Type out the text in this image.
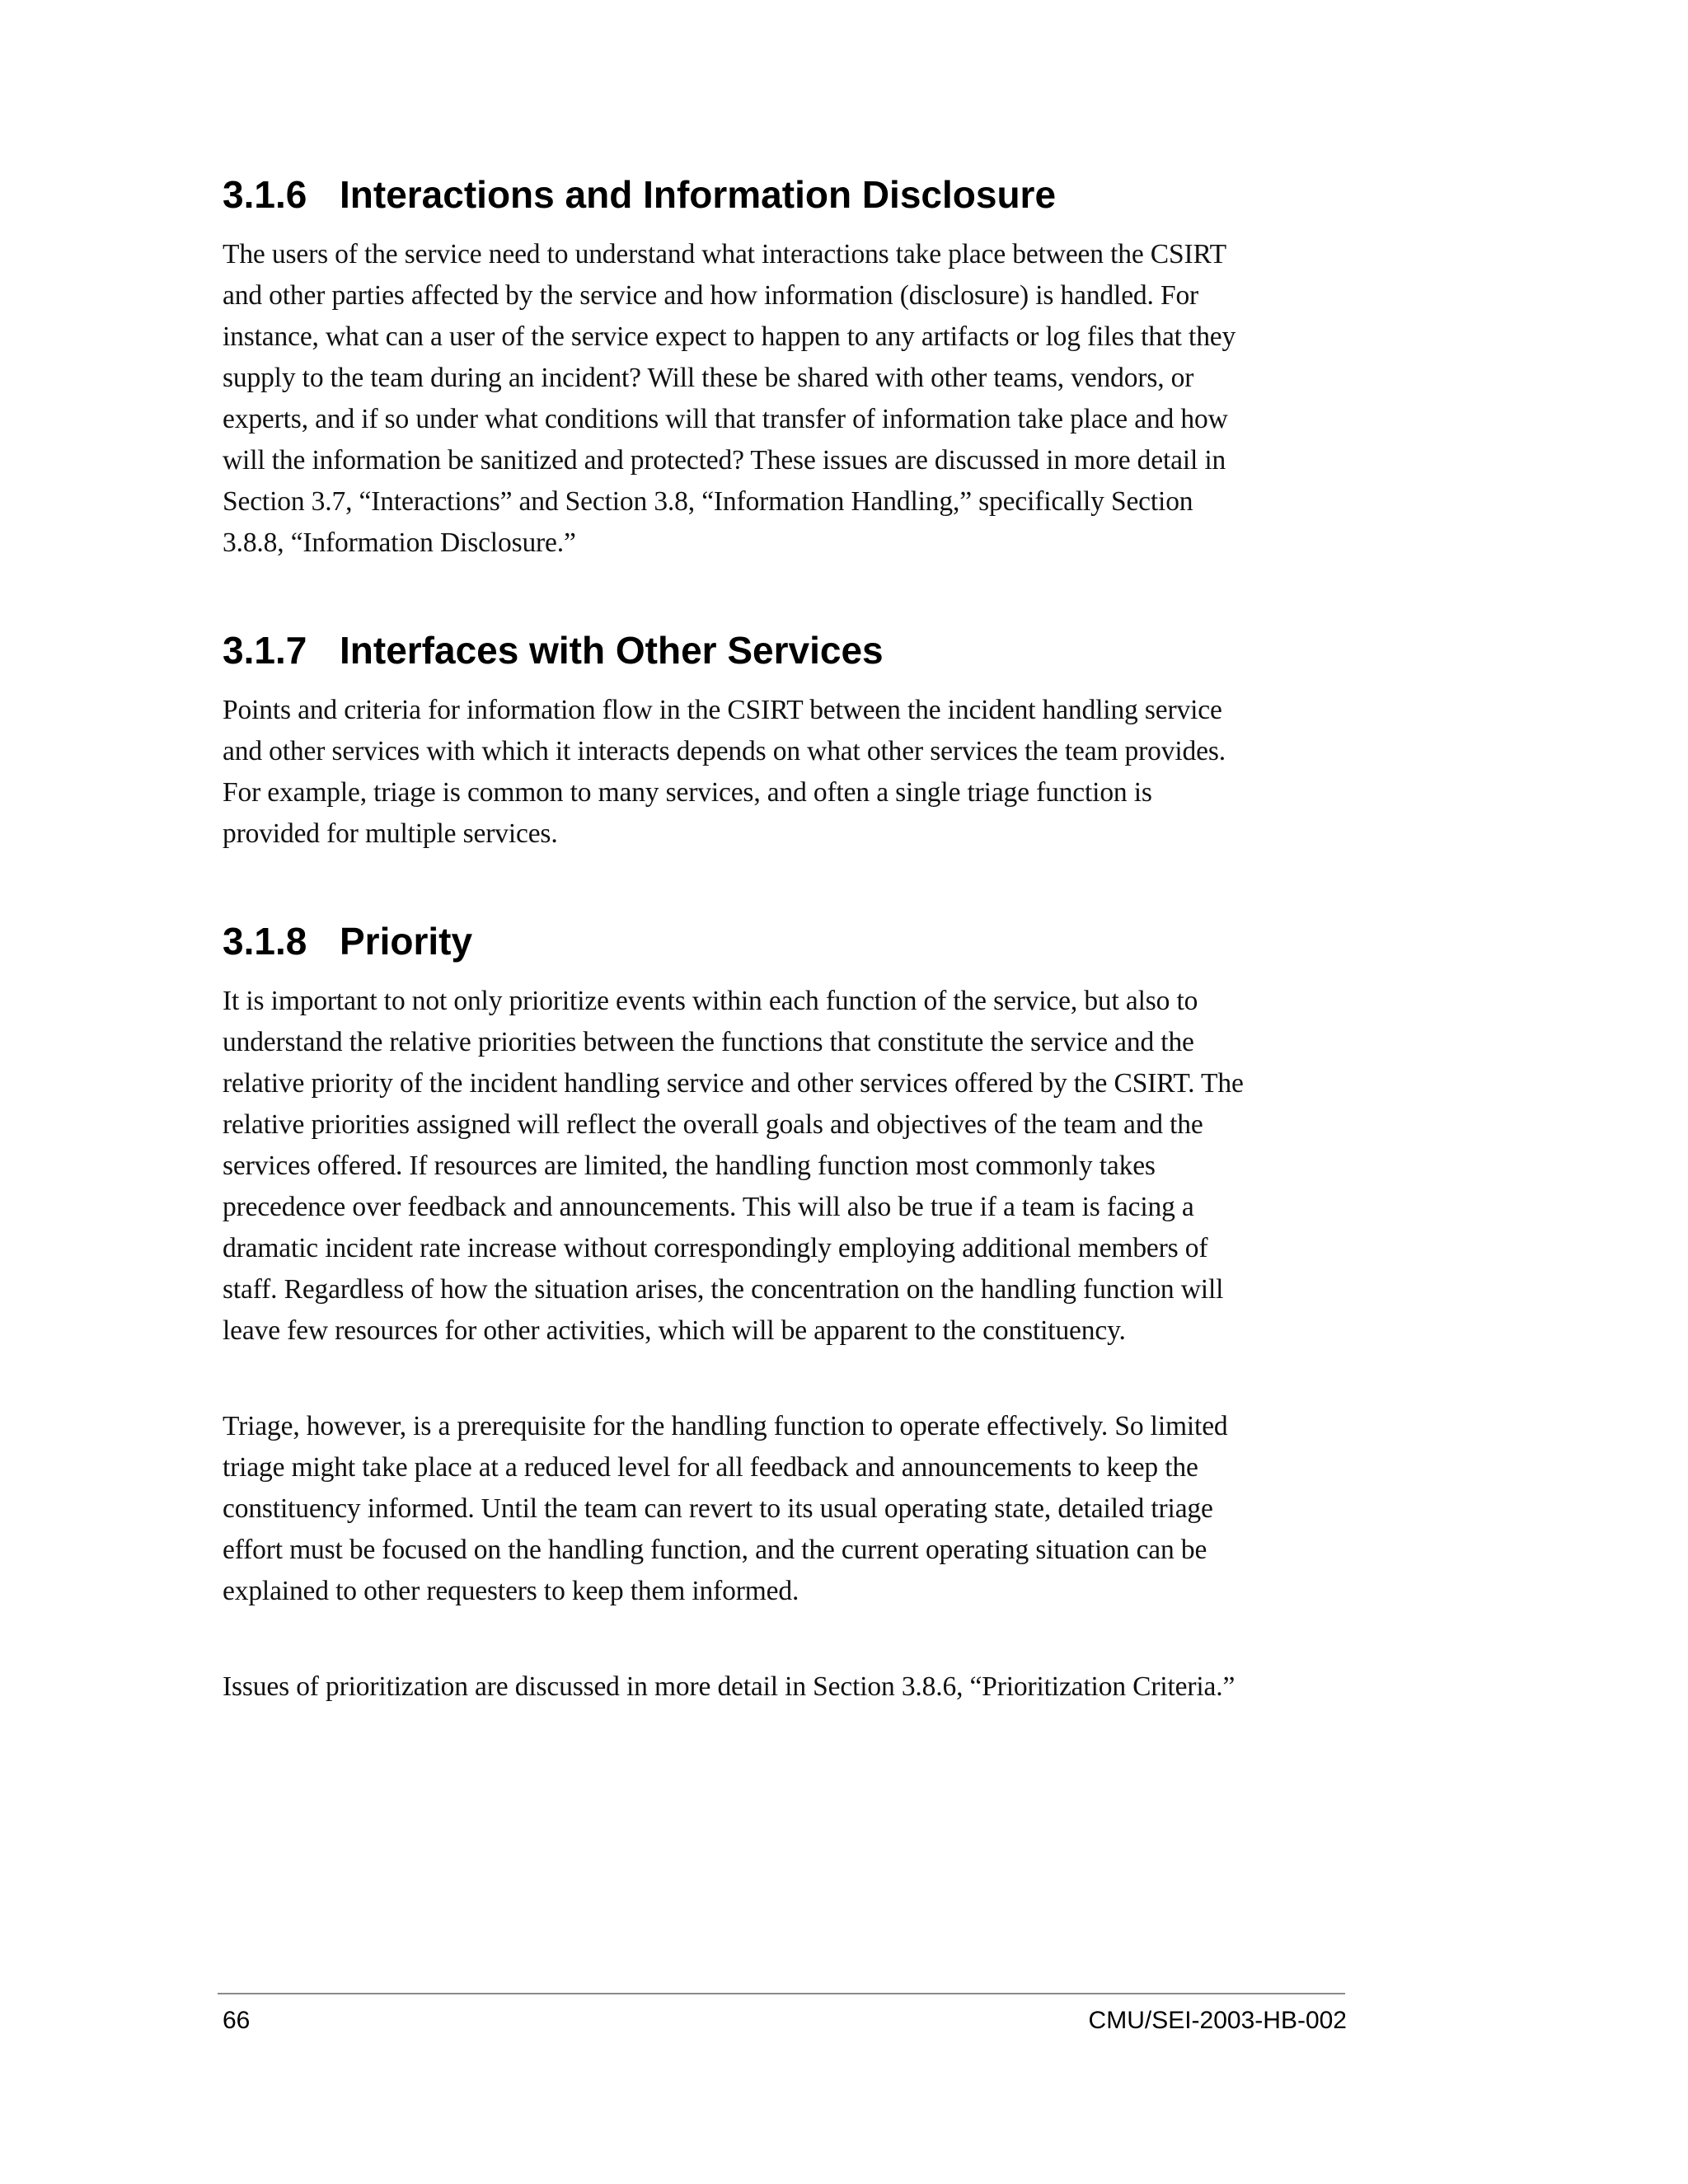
3.1.6 Interactions and Information Disclosure

The users of the service need to understand what interactions take place between the CSIRT
and other parties affected by the service and how information (disclosure) is handled. For
instance, what can a user of the service expect to happen to any artifacts or log files that they
supply to the team during an incident? Will these be shared with other teams, vendors, or
experts, and if so under what conditions will that transfer of information take place and how
will the information be sanitized and protected? These issues are discussed in more detail in
Section 3.7, “Interactions” and Section 3.8, “Information Handling,” specifically Section
3.8.8, “Information Disclosure.”

3.1.7 Interfaces with Other Services

Points and criteria for information flow in the CSIRT between the incident handling service
and other services with which it interacts depends on what other services the team provides.
For example, triage is common to many services, and often a single triage function is
provided for multiple services.

3.1.8 Priority

It is important to not only prioritize events within each function of the service, but also to
understand the relative priorities between the functions that constitute the service and the
relative priority of the incident handling service and other services offered by the CSIRT. The
relative priorities assigned will reflect the overall goals and objectives of the team and the
services offered. If resources are limited, the handling function most commonly takes
precedence over feedback and announcements. This will also be true if a team is facing a
dramatic incident rate increase without correspondingly employing additional members of
staff. Regardless of how the situation arises, the concentration on the handling function will
leave few resources for other activities, which will be apparent to the constituency.

Triage, however, is a prerequisite for the handling function to operate effectively. So limited
triage might take place at a reduced level for all feedback and announcements to keep the
constituency informed. Until the team can revert to its usual operating state, detailed triage
effort must be focused on the handling function, and the current operating situation can be
explained to other requesters to keep them informed.

Issues of prioritization are discussed in more detail in Section 3.8.6, “Prioritization Criteria.”

66	CMU/SEI-2003-HB-002
